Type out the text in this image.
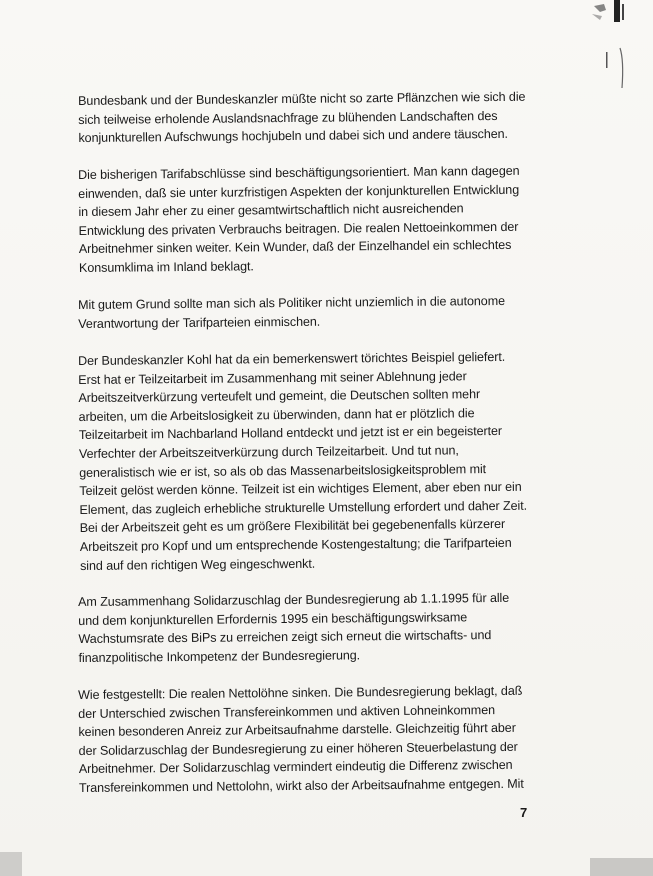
Bundesbank und der Bundeskanzler müßte nicht so zarte Pflänzchen wie sich die
sich teilweise erholende Auslandsnachfrage zu blühenden Landschaften des
konjunkturellen Aufschwungs hochjubeln und dabei sich und andere täuschen.

Die bisherigen Tarifabschlüsse sind beschäftigungsorientiert. Man kann dagegen
einwenden, daß sie unter kurzfristigen Aspekten der konjunkturellen Entwicklung
in diesem Jahr eher zu einer gesamtwirtschaftlich nicht ausreichenden
Entwicklung des privaten Verbrauchs beitragen. Die realen Nettoeinkommen der
Arbeitnehmer sinken weiter. Kein Wunder, daß der Einzelhandel ein schlechtes
Konsumklima im Inland beklagt.

Mit gutem Grund sollte man sich als Politiker nicht unziemlich in die autonome
Verantwortung der Tarifparteien einmischen.

Der Bundeskanzler Kohl hat da ein bemerkenswert törichtes Beispiel geliefert.
Erst hat er Teilzeitarbeit im Zusammenhang mit seiner Ablehnung jeder
Arbeitszeitverkürzung verteufelt und gemeint, die Deutschen sollten mehr
arbeiten, um die Arbeitslosigkeit zu überwinden, dann hat er plötzlich die
Teilzeitarbeit im Nachbarland Holland entdeckt und jetzt ist er ein begeisterter
Verfechter der Arbeitszeitverkürzung durch Teilzeitarbeit. Und tut nun,
generalistisch wie er ist, so als ob das Massenarbeitslosigkeitsproblem mit
Teilzeit gelöst werden könne. Teilzeit ist ein wichtiges Element, aber eben nur ein
Element, das zugleich erhebliche strukturelle Umstellung erfordert und daher Zeit.
Bei der Arbeitszeit geht es um größere Flexibilität bei gegebenenfalls kürzerer
Arbeitszeit pro Kopf und um entsprechende Kostengestaltung; die Tarifparteien
sind auf den richtigen Weg eingeschwenkt.

Am Zusammenhang Solidarzuschlag der Bundesregierung ab 1.1.1995 für alle
und dem konjunkturellen Erfordernis 1995 ein beschäftigungswirksame
Wachstumsrate des BiPs zu erreichen zeigt sich erneut die wirtschafts- und
finanzpolitische Inkompetenz der Bundesregierung.

Wie festgestellt: Die realen Nettolöhne sinken. Die Bundesregierung beklagt, daß
der Unterschied zwischen Transfereinkommen und aktiven Lohneinkommen
keinen besonderen Anreiz zur Arbeitsaufnahme darstelle. Gleichzeitig führt aber
der Solidarzuschlag der Bundesregierung zu einer höheren Steuerbelastung der
Arbeitnehmer. Der Solidarzuschlag vermindert eindeutig die Differenz zwischen
Transfereinkommen und Nettolohn, wirkt also der Arbeitsaufnahme entgegen. Mit

7
